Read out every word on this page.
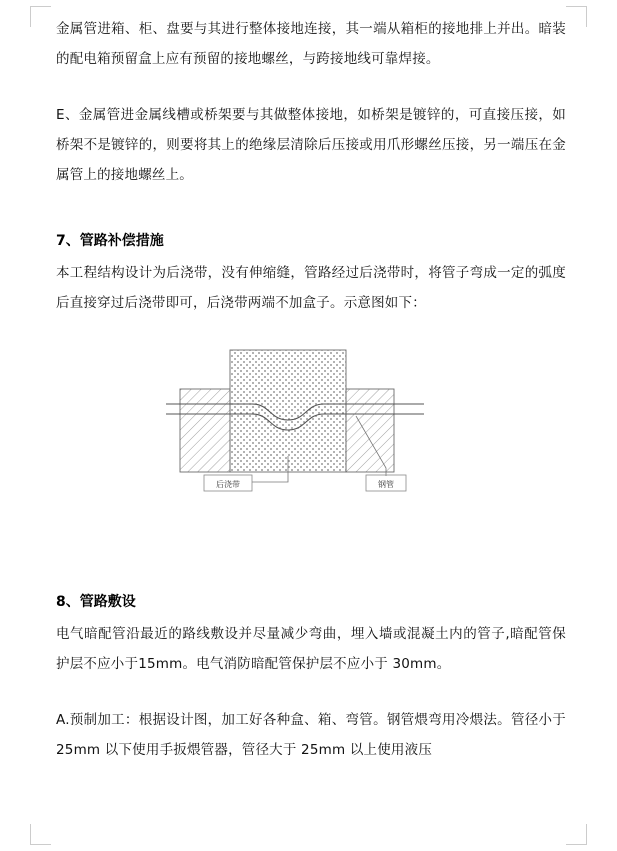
金属管进箱、柜、盘要与其进行整体接地连接，其一端从箱柜的接地排上并出。暗装的配电箱预留盒上应有预留的接地螺丝，与跨接地线可靠焊接。

E、金属管进金属线槽或桥架要与其做整体接地，如桥架是镀锌的，可直接压接，如桥架不是镀锌的，则要将其上的绝缘层清除后压接或用爪形螺丝压接，另一端压在金属管上的接地螺丝上。

7、管路补偿措施

本工程结构设计为后浇带，没有伸缩缝，管路经过后浇带时，将管子弯成一定的弧度后直接穿过后浇带即可，后浇带两端不加盒子。示意图如下：

后浇带	钢管
8、管路敷设

电气暗配管沿最近的路线敷设并尽量减少弯曲，埋入墙或混凝土内的管子,暗配管保护层不应小于15mm。电气消防暗配管保护层不应小于 30mm。

A.预制加工：根据设计图，加工好各种盒、箱、弯管。钢管煨弯用冷煨法。管径小于 25mm 以下使用手扳煨管器，管径大于 25mm 以上使用液压
